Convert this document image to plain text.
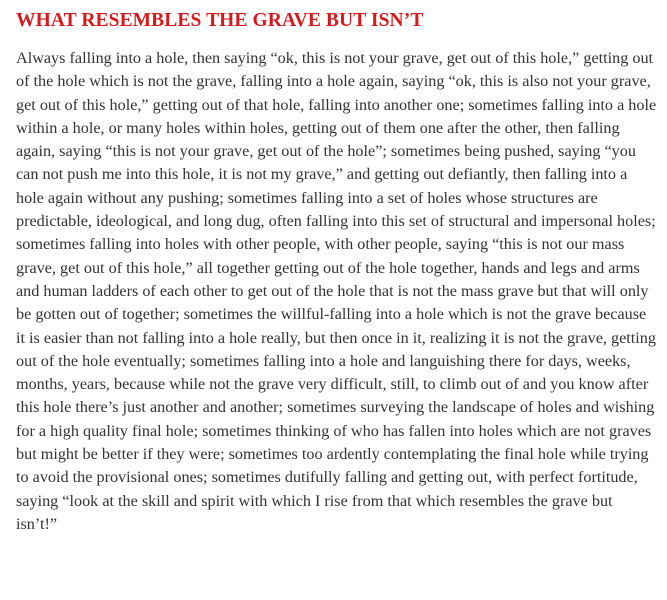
WHAT RESEMBLES THE GRAVE BUT ISN’T

Always falling into a hole, then saying “ok, this is not your grave, get out of this hole,” getting out of the hole which is not the grave, falling into a hole again, saying “ok, this is also not your grave, get out of this hole,” getting out of that hole, falling into another one; sometimes falling into a hole within a hole, or many holes within holes, getting out of them one after the other, then falling again, saying “this is not your grave, get out of the hole”; sometimes being pushed, saying “you can not push me into this hole, it is not my grave,” and getting out defiantly, then falling into a hole again without any pushing; sometimes falling into a set of holes whose structures are predictable, ideological, and long dug, often falling into this set of structural and impersonal holes; sometimes falling into holes with other people, with other people, saying “this is not our mass grave, get out of this hole,” all together getting out of the hole together, hands and legs and arms and human ladders of each other to get out of the hole that is not the mass grave but that will only be gotten out of together; sometimes the willful-falling into a hole which is not the grave because it is easier than not falling into a hole really, but then once in it, realizing it is not the grave, getting out of the hole eventually; sometimes falling into a hole and languishing there for days, weeks, months, years, because while not the grave very difficult, still, to climb out of and you know after this hole there’s just another and another; sometimes surveying the landscape of holes and wishing for a high quality final hole; sometimes thinking of who has fallen into holes which are not graves but might be better if they were; sometimes too ardently contemplating the final hole while trying to avoid the provisional ones; sometimes dutifully falling and getting out, with perfect fortitude, saying “look at the skill and spirit with which I rise from that which resembles the grave but isn’t!”
